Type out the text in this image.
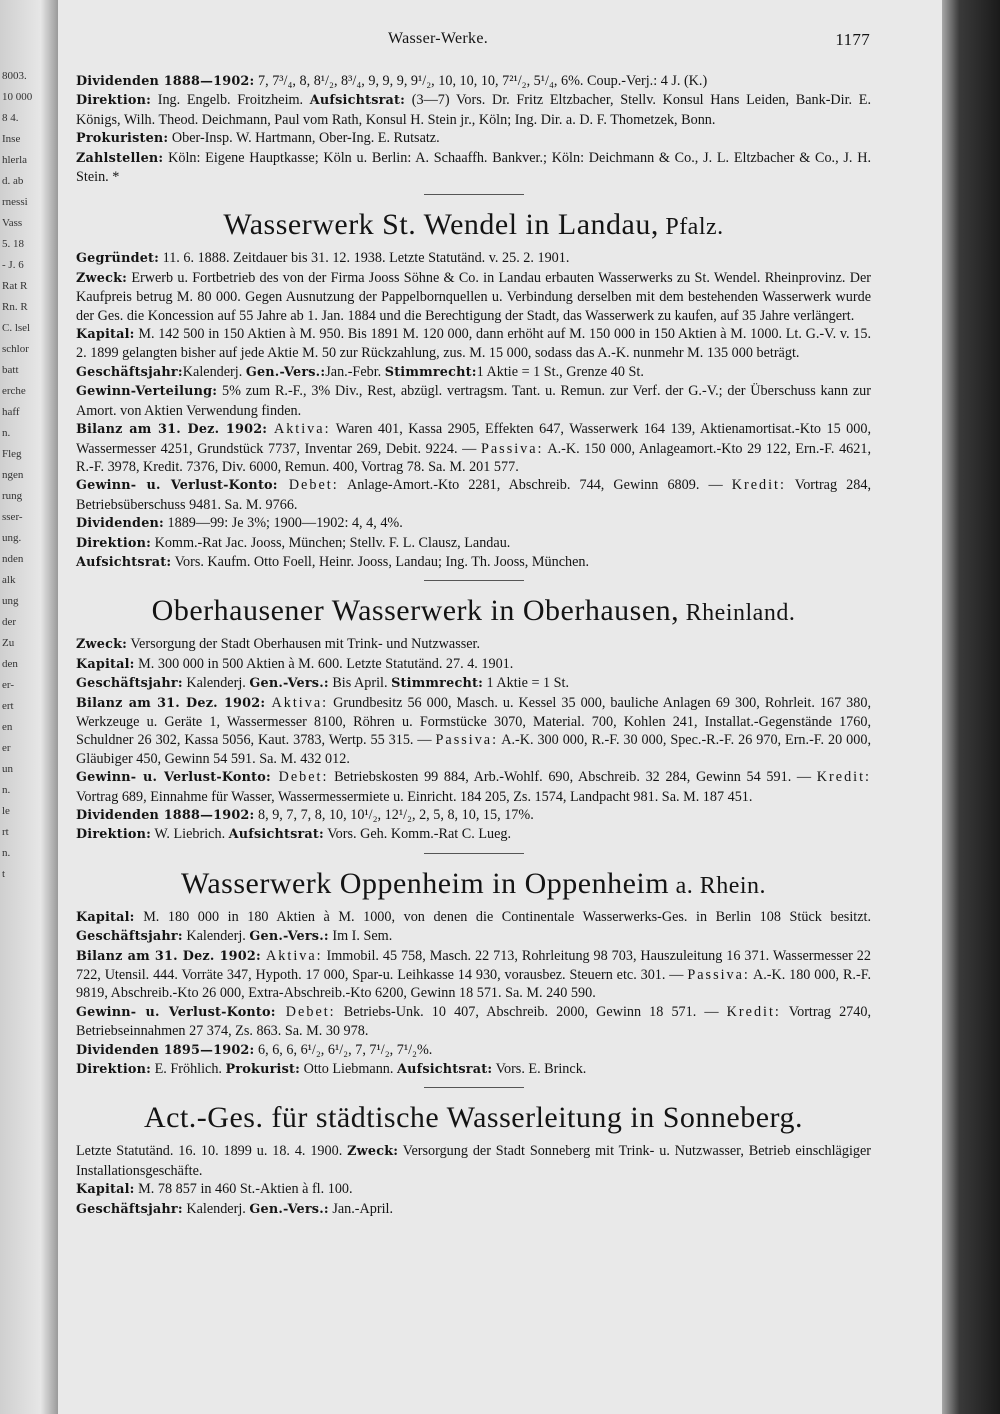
8003.
10 000
8 4.
Inse
hlerla
d. ab
rnessi
Vass
5. 18
- J. 6
Rat R
Rn. R
C. lsel
schlor
batt
erche
haff
n.
Fleg
ngen
rung
sser-
ung.
nden
alk
ung
der
Zu
den
er-
ert
en
er
un
n.
le
rt
n.
t
Wasser-Werke.	1177
Dividenden 1888—1902: 7, 7³/₄, 8, 8¹/₂, 8³/₄, 9, 9, 9, 9¹/₂, 10, 10, 10, 7²¹/₂, 5¹/₄, 6%. Coup.-Verj.: 4 J. (K.)
Direktion: Ing. Engelb. Froitzheim. Aufsichtsrat: (3—7) Vors. Dr. Fritz Eltzbacher, Stellv. Konsul Hans Leiden, Bank-Dir. E. Königs, Wilh. Theod. Deichmann, Paul vom Rath, Konsul H. Stein jr., Köln; Ing. Dir. a. D. F. Thometzek, Bonn.
Prokuristen: Ober-Insp. W. Hartmann, Ober-Ing. E. Rutsatz.
Zahlstellen: Köln: Eigene Hauptkasse; Köln u. Berlin: A. Schaaffh. Bankver.; Köln: Deichmann & Co., J. L. Eltzbacher & Co., J. H. Stein. *
Wasserwerk St. Wendel in Landau, Pfalz.
Gegründet: 11. 6. 1888. Zeitdauer bis 31. 12. 1938. Letzte Statutänd. v. 25. 2. 1901.
Zweck: Erwerb u. Fortbetrieb des von der Firma Jooss Söhne & Co. in Landau erbauten Wasserwerks zu St. Wendel. Rheinprovinz. Der Kaufpreis betrug M. 80 000. Gegen Ausnutzung der Pappelbornquellen u. Verbindung derselben mit dem bestehenden Wasserwerk wurde der Ges. die Koncession auf 55 Jahre ab 1. Jan. 1884 und die Berechtigung der Stadt, das Wasserwerk zu kaufen, auf 35 Jahre verlängert.
Kapital: M. 142 500 in 150 Aktien à M. 950. Bis 1891 M. 120 000, dann erhöht auf M. 150 000 in 150 Aktien à M. 1000. Lt. G.-V. v. 15. 2. 1899 gelangten bisher auf jede Aktie M. 50 zur Rückzahlung, zus. M. 15 000, sodass das A.-K. nunmehr M. 135 000 beträgt.
Geschäftsjahr:Kalenderj. Gen.-Vers.:Jan.-Febr. Stimmrecht:1 Aktie = 1 St., Grenze 40 St.
Gewinn-Verteilung: 5% zum R.-F., 3% Div., Rest, abzügl. vertragsm. Tant. u. Remun. zur Verf. der G.-V.; der Überschuss kann zur Amort. von Aktien Verwendung finden.
Bilanz am 31. Dez. 1902: Aktiva: Waren 401, Kassa 2905, Effekten 647, Wasserwerk 164 139, Aktienamortisat.-Kto 15 000, Wassermesser 4251, Grundstück 7737, Inventar 269, Debit. 9224. — Passiva: A.-K. 150 000, Anlageamort.-Kto 29 122, Ern.-F. 4621, R.-F. 3978, Kredit. 7376, Div. 6000, Remun. 400, Vortrag 78. Sa. M. 201 577.
Gewinn- u. Verlust-Konto: Debet: Anlage-Amort.-Kto 2281, Abschreib. 744, Gewinn 6809. — Kredit: Vortrag 284, Betriebsüberschuss 9481. Sa. M. 9766.
Dividenden: 1889—99: Je 3%; 1900—1902: 4, 4, 4%.
Direktion: Komm.-Rat Jac. Jooss, München; Stellv. F. L. Clausz, Landau.
Aufsichtsrat: Vors. Kaufm. Otto Foell, Heinr. Jooss, Landau; Ing. Th. Jooss, München.
Oberhausener Wasserwerk in Oberhausen, Rheinland.
Zweck: Versorgung der Stadt Oberhausen mit Trink- und Nutzwasser.
Kapital: M. 300 000 in 500 Aktien à M. 600. Letzte Statutänd. 27. 4. 1901.
Geschäftsjahr: Kalenderj. Gen.-Vers.: Bis April. Stimmrecht: 1 Aktie = 1 St.
Bilanz am 31. Dez. 1902: Aktiva: Grundbesitz 56 000, Masch. u. Kessel 35 000, bauliche Anlagen 69 300, Rohrleit. 167 380, Werkzeuge u. Geräte 1, Wassermesser 8100, Röhren u. Formstücke 3070, Material. 700, Kohlen 241, Installat.-Gegenstände 1760, Schuldner 26 302, Kassa 5056, Kaut. 3783, Wertp. 55 315. — Passiva: A.-K. 300 000, R.-F. 30 000, Spec.-R.-F. 26 970, Ern.-F. 20 000, Gläubiger 450, Gewinn 54 591. Sa. M. 432 012.
Gewinn- u. Verlust-Konto: Debet: Betriebskosten 99 884, Arb.-Wohlf. 690, Abschreib. 32 284, Gewinn 54 591. — Kredit: Vortrag 689, Einnahme für Wasser, Wassermessermiete u. Einricht. 184 205, Zs. 1574, Landpacht 981. Sa. M. 187 451.
Dividenden 1888—1902: 8, 9, 7, 7, 8, 10, 10¹/₂, 12¹/₂, 2, 5, 8, 10, 15, 17%.
Direktion: W. Liebrich. Aufsichtsrat: Vors. Geh. Komm.-Rat C. Lueg.
Wasserwerk Oppenheim in Oppenheim a. Rhein.
Kapital: M. 180 000 in 180 Aktien à M. 1000, von denen die Continentale Wasserwerks-Ges. in Berlin 108 Stück besitzt. Geschäftsjahr: Kalenderj. Gen.-Vers.: Im I. Sem.
Bilanz am 31. Dez. 1902: Aktiva: Immobil. 45 758, Masch. 22 713, Rohrleitung 98 703, Hauszuleitung 16 371. Wassermesser 22 722, Utensil. 444. Vorräte 347, Hypoth. 17 000, Spar-u. Leihkasse 14 930, vorausbez. Steuern etc. 301. — Passiva: A.-K. 180 000, R.-F. 9819, Abschreib.-Kto 26 000, Extra-Abschreib.-Kto 6200, Gewinn 18 571. Sa. M. 240 590.
Gewinn- u. Verlust-Konto: Debet: Betriebs-Unk. 10 407, Abschreib. 2000, Gewinn 18 571. — Kredit: Vortrag 2740, Betriebseinnahmen 27 374, Zs. 863. Sa. M. 30 978.
Dividenden 1895—1902: 6, 6, 6, 6¹/₂, 6¹/₂, 7, 7¹/₂, 7¹/₂%.
Direktion: E. Fröhlich. Prokurist: Otto Liebmann. Aufsichtsrat: Vors. E. Brinck.
Act.-Ges. für städtische Wasserleitung in Sonneberg.
Letzte Statutänd. 16. 10. 1899 u. 18. 4. 1900. Zweck: Versorgung der Stadt Sonneberg mit Trink- u. Nutzwasser, Betrieb einschlägiger Installationsgeschäfte.
Kapital: M. 78 857 in 460 St.-Aktien à fl. 100.
Geschäftsjahr: Kalenderj. Gen.-Vers.: Jan.-April.
